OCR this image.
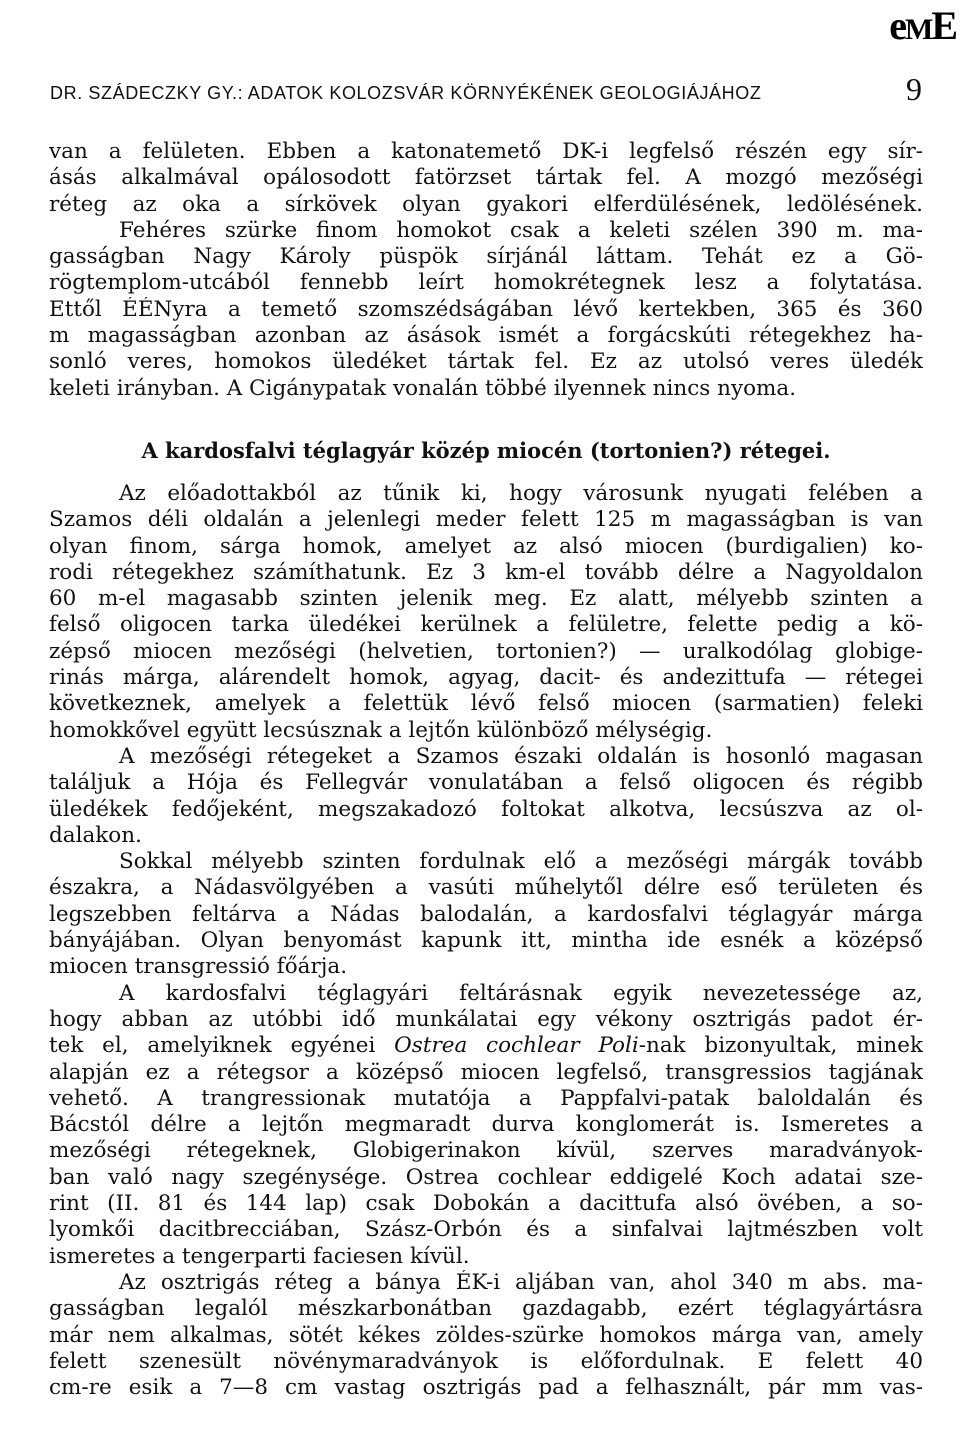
eME
DR. SZÁDECZKY GY.: ADATOK KOLOZSVÁR KÖRNYÉKÉNEK GEOLOGIÁJÁHOZ	9
van a felületen. Ebben a katonatemető DK-i legfelső részén egy sír-
ásás alkalmával opálosodott fatörzset tártak fel. A mozgó mezőségi
réteg az oka a sírkövek olyan gyakori elferdülésének, ledölésének.
Fehéres szürke finom homokot csak a keleti szélen 390 m. ma-
gasságban Nagy Károly püspök sírjánál láttam. Tehát ez a Gö-
rögtemplom-utcából fennebb leírt homokrétegnek lesz a folytatása.
Ettől ÉÉNyra a temető szomszédságában lévő kertekben, 365 és 360
m magasságban azonban az ásások ismét a forgácskúti rétegekhez ha-
sonló veres, homokos üledéket tártak fel. Ez az utolsó veres üledék
keleti irányban. A Cigánypatak vonalán többé ilyennek nincs nyoma.
A kardosfalvi téglagyár közép miocén (tortonien?) rétegei.
Az előadottakból az tűnik ki, hogy városunk nyugati felében a
Szamos déli oldalán a jelenlegi meder felett 125 m magasságban is van
olyan finom, sárga homok, amelyet az alsó miocen (burdigalien) ko-
rodi rétegekhez számíthatunk. Ez 3 km-el tovább délre a Nagyoldalon
60 m-el magasabb szinten jelenik meg. Ez alatt, mélyebb szinten a
felső oligocen tarka üledékei kerülnek a felületre, felette pedig a kö-
zépső miocen mezőségi (helvetien, tortonien?) — uralkodólag globige-
rinás márga, alárendelt homok, agyag, dacit- és andezittufa — rétegei
következnek, amelyek a felettük lévő felső miocen (sarmatien) feleki
homokkővel együtt lecsúsznak a lejtőn különböző mélységig.
A mezőségi rétegeket a Szamos északi oldalán is hosonló magasan
találjuk a Hója és Fellegvár vonulatában a felső oligocen és régibb
üledékek fedőjeként, megszakadozó foltokat alkotva, lecsúszva az ol-
dalakon.
Sokkal mélyebb szinten fordulnak elő a mezőségi márgák tovább
északra, a Nádasvölgyében a vasúti műhelytől délre eső területen és
legszebben feltárva a Nádas balodalán, a kardosfalvi téglagyár márga
bányájában. Olyan benyomást kapunk itt, mintha ide esnék a középső
miocen transgressió főárja.
A kardosfalvi téglagyári feltárásnak egyik nevezetessége az,
hogy abban az utóbbi idő munkálatai egy vékony osztrigás padot ér-
tek el, amelyiknek egyénei Ostrea cochlear Poli-nak bizonyultak, minek
alapján ez a rétegsor a középső miocen legfelső, transgressios tagjának
vehető. A trangressionak mutatója a Pappfalvi-patak baloldalán és
Bácstól délre a lejtőn megmaradt durva konglomerát is. Ismeretes a
mezőségi rétegeknek, Globigerinakon kívül, szerves maradványok-
ban való nagy szegénysége. Ostrea cochlear eddigelé Koch adatai sze-
rint (II. 81 és 144 lap) csak Dobokán a dacittufa alsó övében, a so-
lyomkői dacitbrecciában, Szász-Orbón és a sinfalvai lajtmészben volt
ismeretes a tengerparti faciesen kívül.
Az osztrigás réteg a bánya ÉK-i aljában van, ahol 340 m abs. ma-
gasságban legalól mészkarbonátban gazdagabb, ezért téglagyártásra
már nem alkalmas, sötét kékes zöldes-szürke homokos márga van, amely
felett szenesült növénymaradványok is előfordulnak. E felett 40
cm-re esik a 7—8 cm vastag osztrigás pad a felhasznált, pár mm vas-
